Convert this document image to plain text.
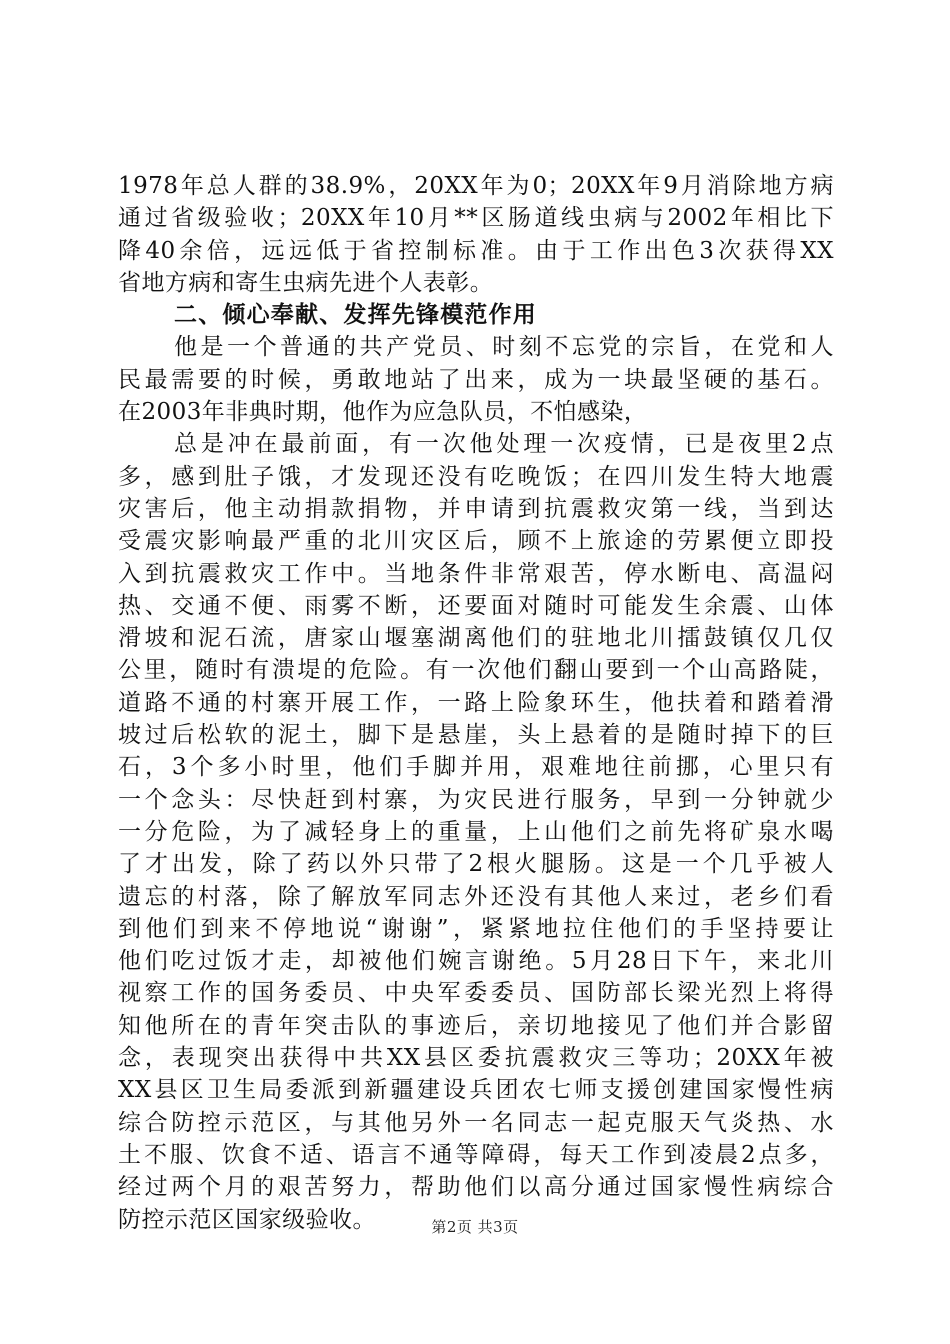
1978年总人群的38.9%，20XX年为0；20XX年9月消除地方病
通过省级验收；20XX年10月**区肠道线虫病与2002年相比下
降40余倍，远远低于省控制标准。由于工作出色3次获得XX
省地方病和寄生虫病先进个人表彰。
二、倾心奉献、发挥先锋模范作用
他是一个普通的共产党员、时刻不忘党的宗旨，在党和人
民最需要的时候，勇敢地站了出来，成为一块最坚硬的基石。
在2003年非典时期，他作为应急队员，不怕感染，
总是冲在最前面，有一次他处理一次疫情，已是夜里2点
多，感到肚子饿，才发现还没有吃晚饭；在四川发生特大地震
灾害后，他主动捐款捐物，并申请到抗震救灾第一线，当到达
受震灾影响最严重的北川灾区后，顾不上旅途的劳累便立即投
入到抗震救灾工作中。当地条件非常艰苦，停水断电、高温闷
热、交通不便、雨雾不断，还要面对随时可能发生余震、山体
滑坡和泥石流，唐家山堰塞湖离他们的驻地北川擂鼓镇仅几仅
公里，随时有溃堤的危险。有一次他们翻山要到一个山高路陡，
道路不通的村寨开展工作，一路上险象环生，他扶着和踏着滑
坡过后松软的泥土，脚下是悬崖，头上悬着的是随时掉下的巨
石，3个多小时里，他们手脚并用，艰难地往前挪，心里只有
一个念头：尽快赶到村寨，为灾民进行服务，早到一分钟就少
一分危险，为了减轻身上的重量，上山他们之前先将矿泉水喝
了才出发，除了药以外只带了2根火腿肠。这是一个几乎被人
遗忘的村落，除了解放军同志外还没有其他人来过，老乡们看
到他们到来不停地说“谢谢”，紧紧地拉住他们的手坚持要让
他们吃过饭才走，却被他们婉言谢绝。5月28日下午，来北川
视察工作的国务委员、中央军委委员、国防部长梁光烈上将得
知他所在的青年突击队的事迹后，亲切地接见了他们并合影留
念，表现突出获得中共XX县区委抗震救灾三等功；20XX年被
XX县区卫生局委派到新疆建设兵团农七师支援创建国家慢性病
综合防控示范区，与其他另外一名同志一起克服天气炎热、水
土不服、饮食不适、语言不通等障碍，每天工作到凌晨2点多，
经过两个月的艰苦努力，帮助他们以高分通过国家慢性病综合
防控示范区国家级验收。	第2页 共3页
